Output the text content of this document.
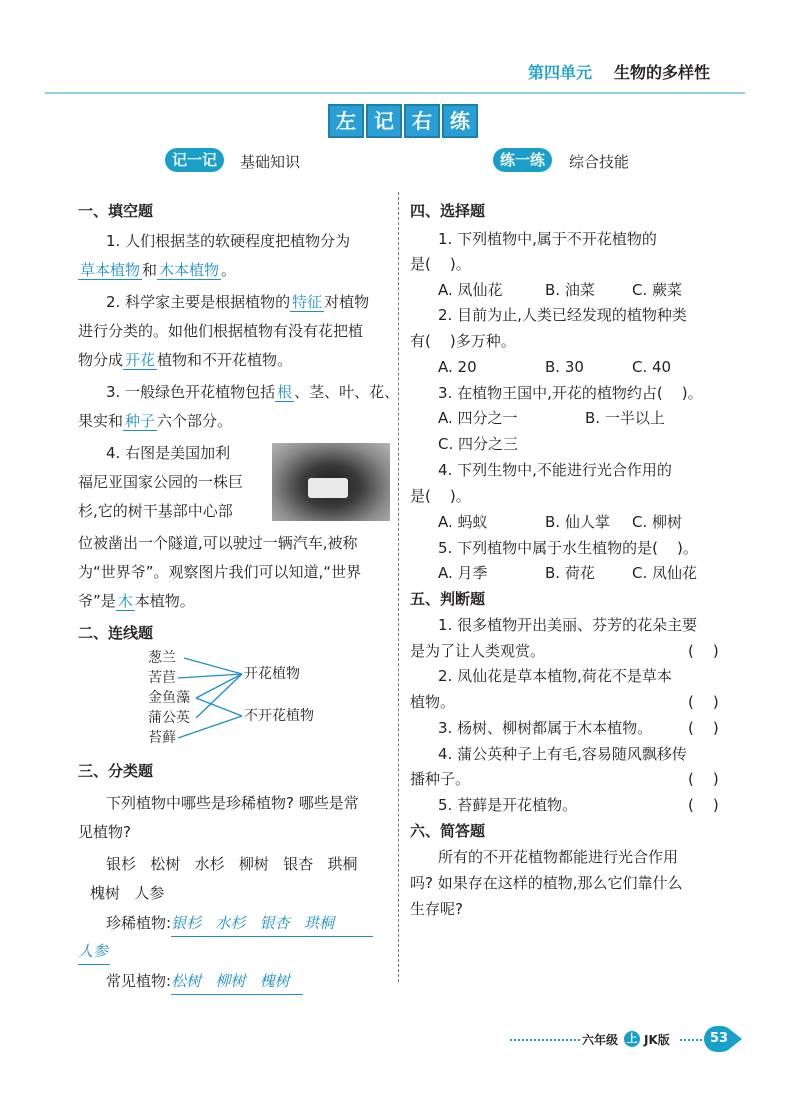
第四单元 生物的多样性
左 记 右 练
记一记	基础知识	练一练	综合技能
一、填空题
1. 人们根据茎的软硬程度把植物分为
草本植物 和 木本植物 。
2. 科学家主要是根据植物的 特征 对植物
进行分类的。如他们根据植物有没有花把植
物分成 开花 植物和不开花植物。
3. 一般绿色开花植物包括 根 、茎、叶、花、
果实和 种子 六个部分。
4. 右图是美国加利
福尼亚国家公园的一株巨
杉,它的树干基部中心部
位被凿出一个隧道,可以驶过一辆汽车,被称
为“世界爷”。观察图片我们可以知道,“世界
爷”是 木 本植物。
二、连线题
葱兰
苦苣
金鱼藻
蒲公英
苔藓
开花植物
不开花植物
三、分类题
下列植物中哪些是珍稀植物? 哪些是常
见植物?
银杉   松树   水杉   柳树   银杏   珙桐
槐树   人参
珍稀植物:银杉   水杉   银杏   珙桐
人参
常见植物:松树   柳树   槐树
四、选择题
1. 下列植物中,属于不开花植物的
是(    )。
A. 凤仙花	B. 油菜 C. 蕨菜
2. 目前为止,人类已经发现的植物种类
有(    )多万种。
A. 20	B. 30	C. 40
3. 在植物王国中,开花的植物约占(    )。
A. 四分之一	B. 一半以上
C. 四分之三
4. 下列生物中,不能进行光合作用的
是(    )。
A. 蚂蚁	B. 仙人掌 C. 柳树
5. 下列植物中属于水生植物的是(    )。
A. 月季	B. 荷花 C. 凤仙花
五、判断题
1. 很多植物开出美丽、芬芳的花朵主要
是为了让人类观赏。	(    )
2. 凤仙花是草本植物,荷花不是草本
植物。	(    )
3. 杨树、柳树都属于木本植物。 (    )
4. 蒲公英种子上有毛,容易随风飘移传
播种子。	(    )
5. 苔藓是开花植物。	(    )
六、简答题
所有的不开花植物都能进行光合作用
吗? 如果存在这样的植物,那么它们靠什么
生存呢?
六年级 上 JK版	53
